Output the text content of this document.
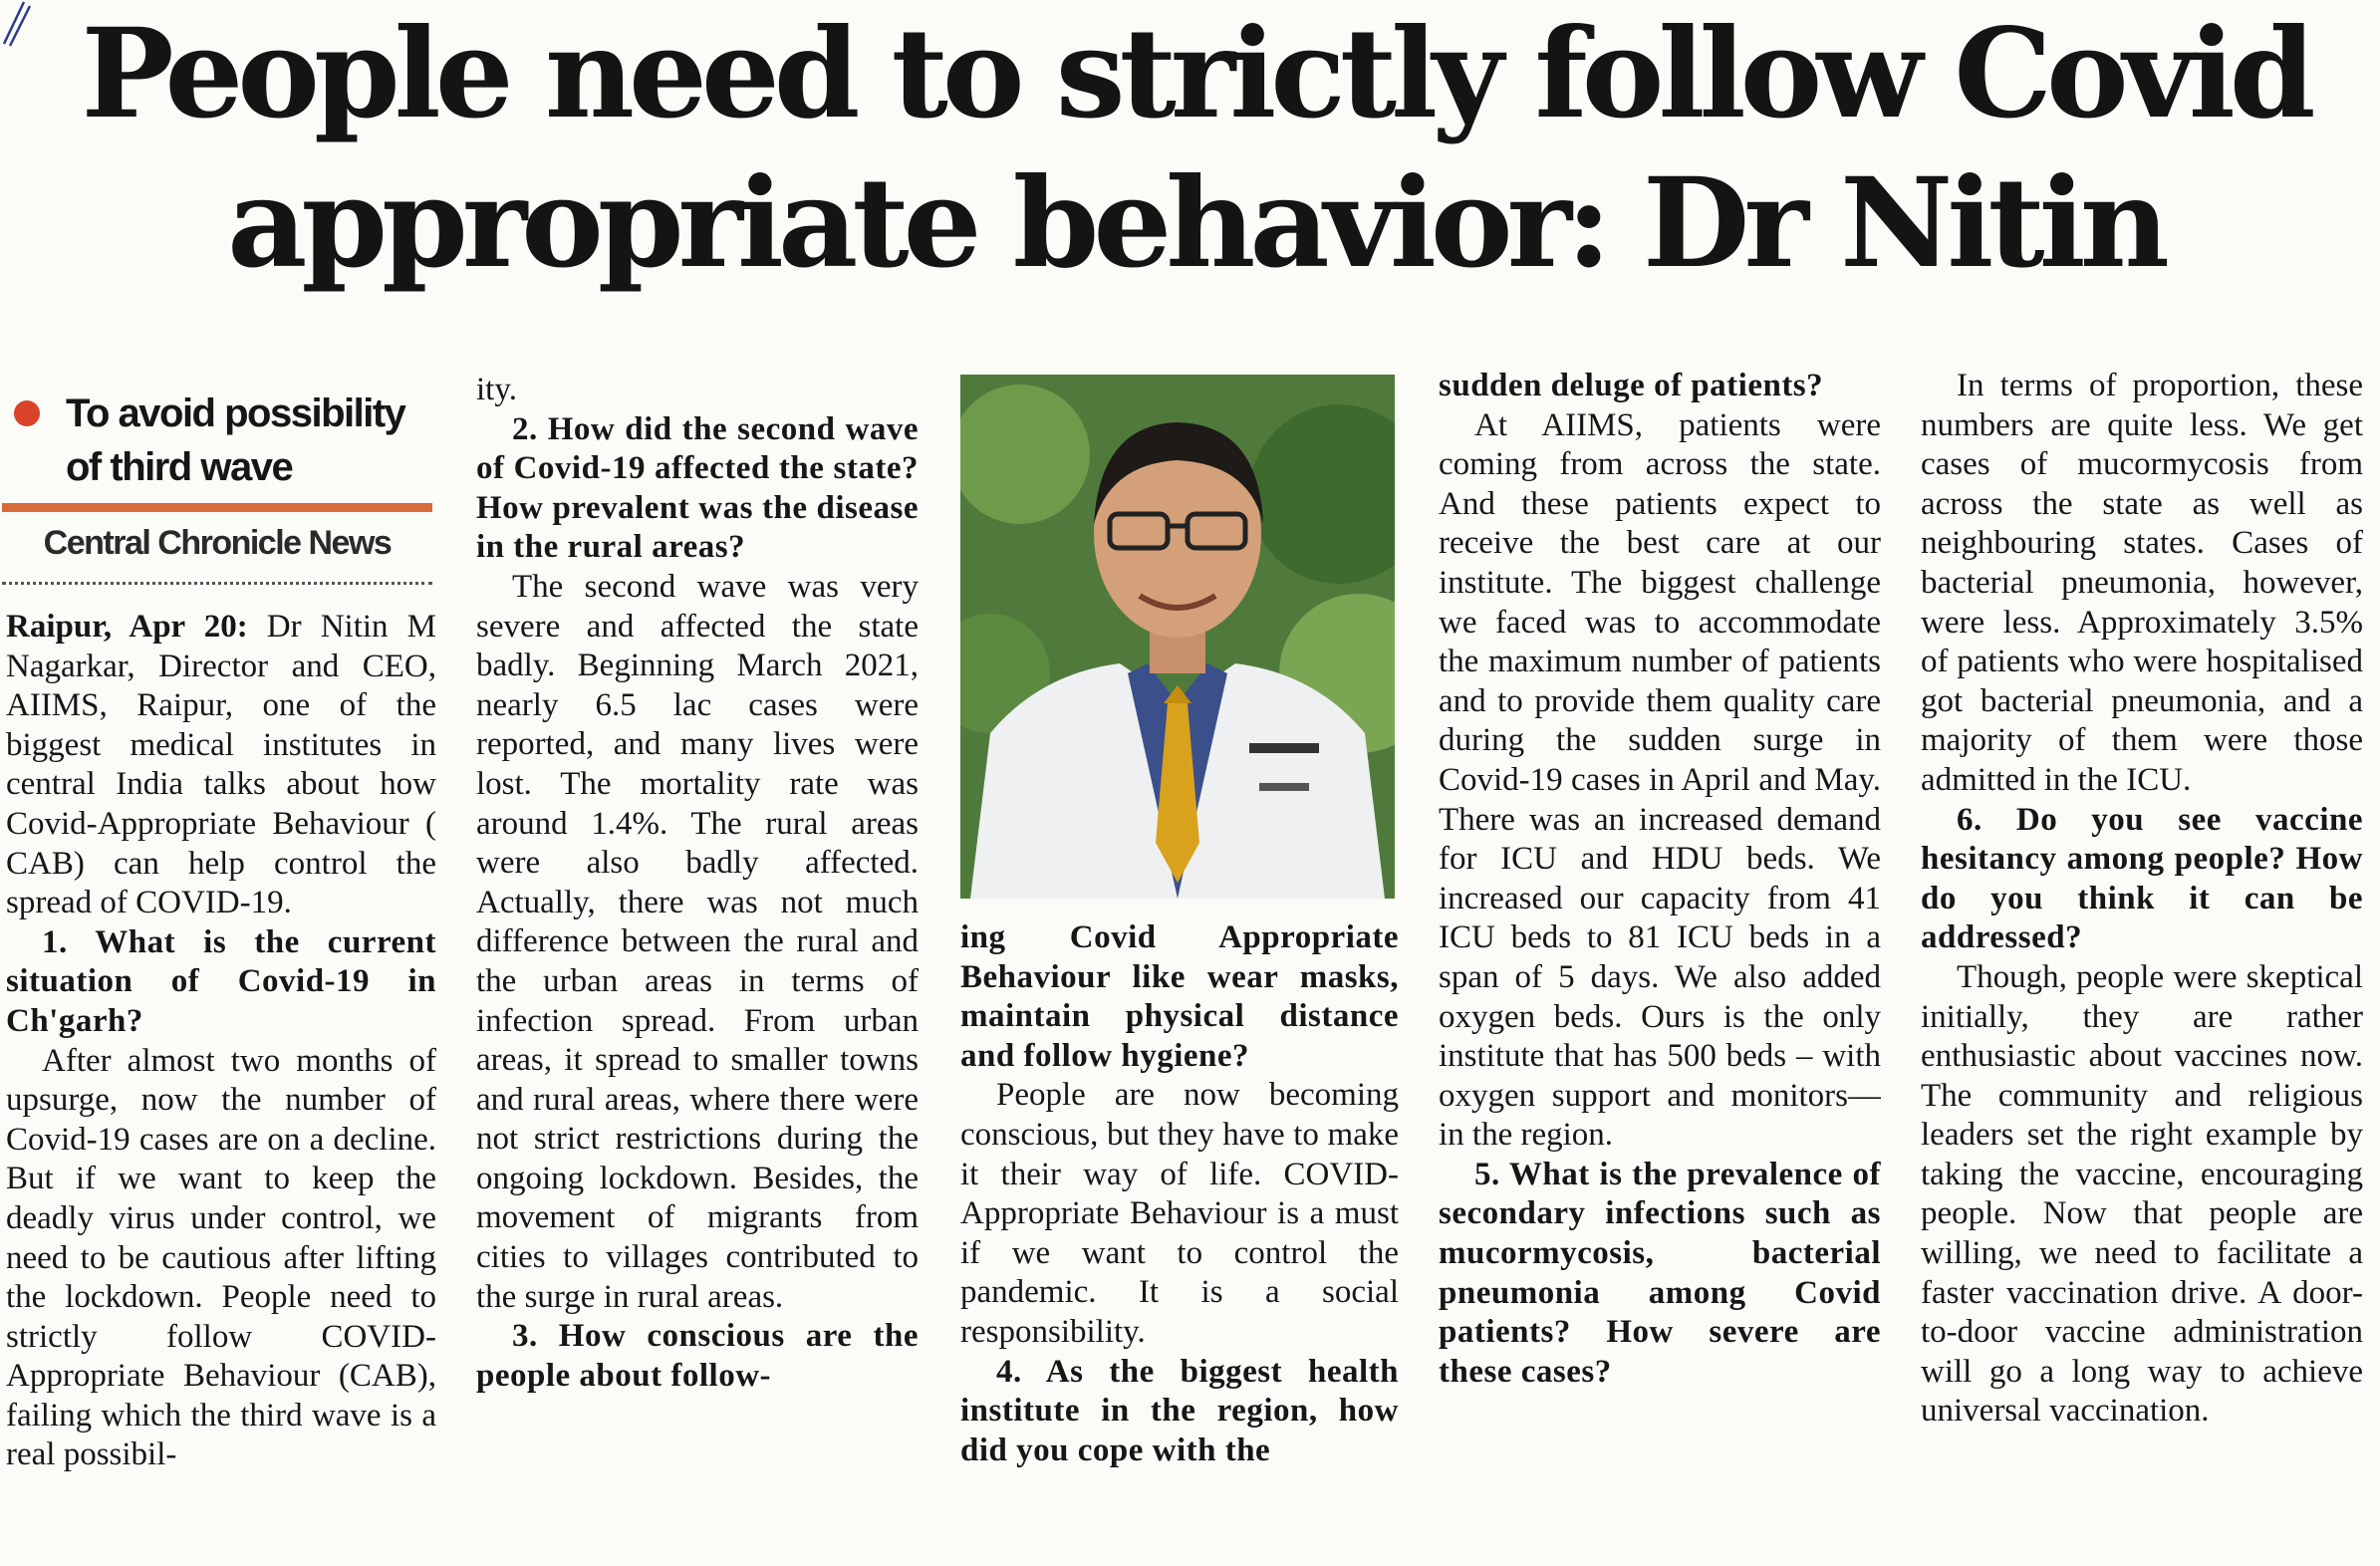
People need to strictly follow Covid
appropriate behavior: Dr Nitin
To avoid possibility
of third wave
Central Chronicle News

Raipur, Apr 20: Dr Nitin M Nagarkar, Director and CEO, AIIMS, Raipur, one of the biggest medical institutes in central India talks about how Covid-Appropriate Behaviour ( CAB) can help control the spread of COVID-19.

1. What is the current situation of Covid-19 in Ch'garh?

After almost two months of upsurge, now the number of Covid-19 cases are on a decline. But if we want to keep the deadly virus under control, we need to be cautious after lifting the lockdown. People need to strictly follow COVID-Appropriate Behaviour (CAB), failing which the third wave is a real possibil-

ity.

2. How did the second wave of Covid-19 affected the state? How prevalent was the disease in the rural areas?

The second wave was very severe and affected the state badly. Beginning March 2021, nearly 6.5 lac cases were reported, and many lives were lost. The mortality rate was around 1.4%. The rural areas were also badly affected. Actually, there was not much difference between the rural and the urban areas in terms of infection spread. From urban areas, it spread to smaller towns and rural areas, where there were not strict restrictions during the ongoing lockdown. Besides, the movement of migrants from cities to villages contributed to the surge in rural areas.

3. How conscious are the people about follow-

ing Covid Appropriate Behaviour like wear masks, maintain physical distance and follow hygiene?

People are now becoming conscious, but they have to make it their way of life. COVID-Appropriate Behaviour is a must if we want to control the pandemic. It is a social responsibility.

4. As the biggest health institute in the region, how did you cope with the

sudden deluge of patients?

At AIIMS, patients were coming from across the state. And these patients expect to receive the best care at our institute. The biggest challenge we faced was to accommodate the maximum number of patients and to provide them quality care during the sudden surge in Covid-19 cases in April and May. There was an increased demand for ICU and HDU beds. We increased our capacity from 41 ICU beds to 81 ICU beds in a span of 5 days. We also added oxygen beds. Ours is the only institute that has 500 beds – with oxygen support and monitors— in the region.

5. What is the prevalence of secondary infections such as mucormycosis, bacterial pneumonia among Covid patients? How severe are these cases?

In terms of proportion, these numbers are quite less. We get cases of mucormycosis from across the state as well as neighbouring states. Cases of bacterial pneumonia, however, were less. Approximately 3.5% of patients who were hospitalised got bacterial pneumonia, and a majority of them were those admitted in the ICU.

6. Do you see vaccine hesitancy among people? How do you think it can be addressed?

Though, people were skeptical initially, they are rather enthusiastic about vaccines now. The community and religious leaders set the right example by taking the vaccine, encouraging people. Now that people are willing, we need to facilitate a faster vaccination drive. A door-to-door vaccine administration will go a long way to achieve universal vaccination.
